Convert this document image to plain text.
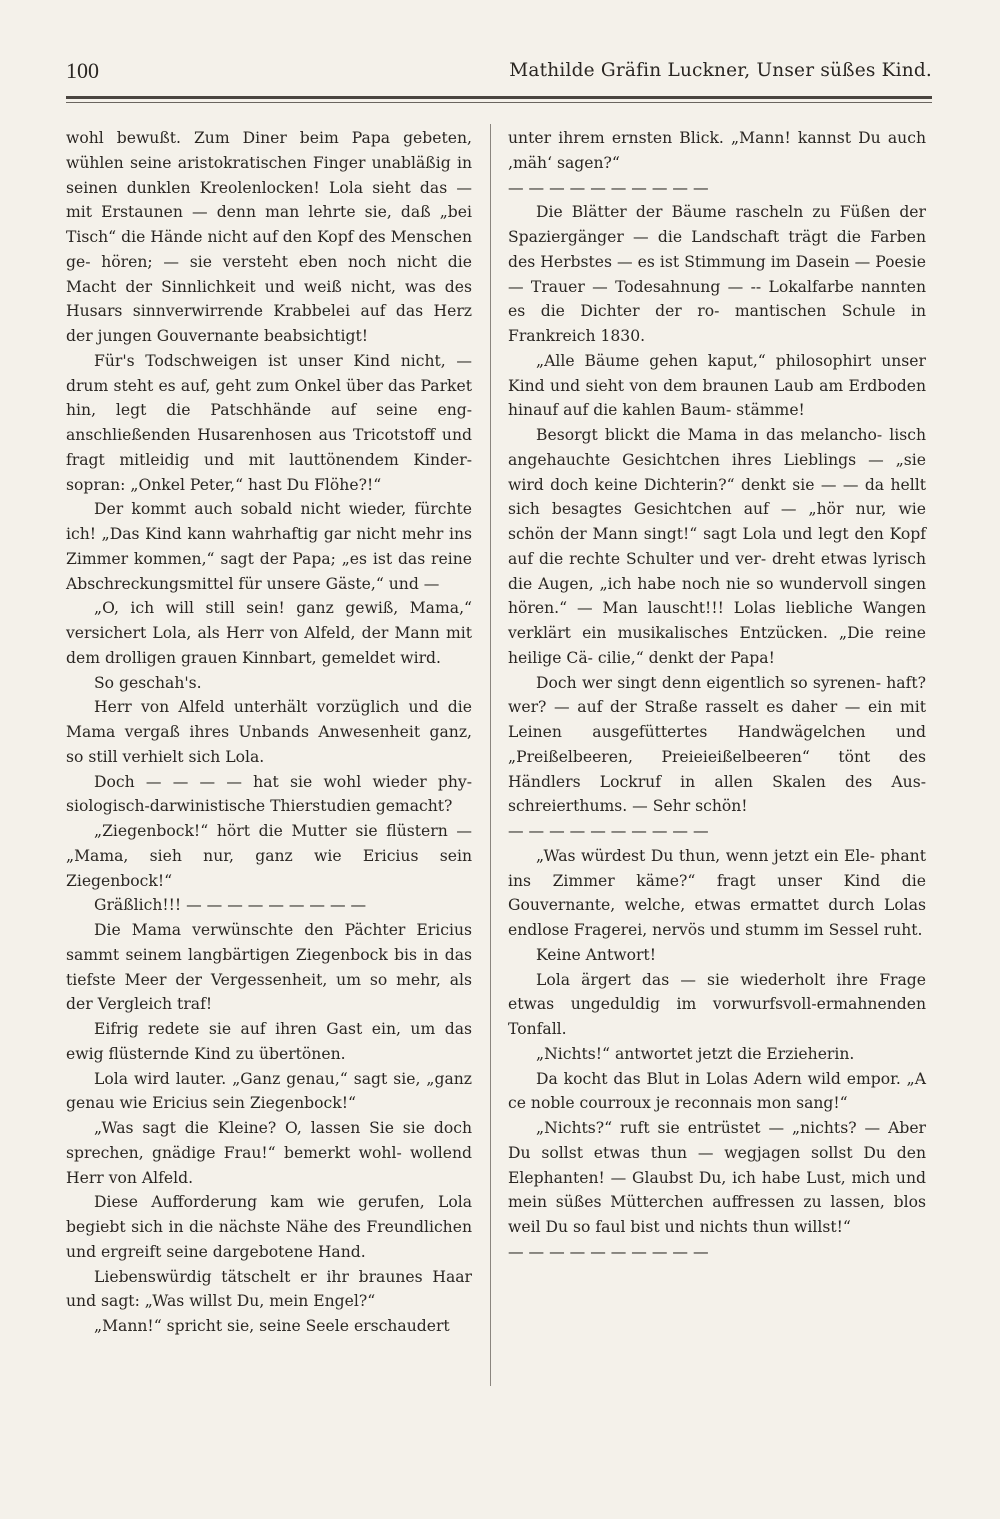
100	Mathilde Gräfin Luckner, Unser süßes Kind.

wohl bewußt. Zum Diner beim Papa gebeten, wühlen seine aristokratischen Finger unabläßig in seinen dunklen Kreolenlocken! Lola sieht das — mit Erstaunen — denn man lehrte sie, daß „bei Tisch“ die Hände nicht auf den Kopf des Menschen ge- hören; — sie versteht eben noch nicht die Macht der Sinnlichkeit und weiß nicht, was des Husars sinnverwirrende Krabbelei auf das Herz der jungen Gouvernante beabsichtigt!

Für's Todschweigen ist unser Kind nicht, — drum steht es auf, geht zum Onkel über das Parket hin, legt die Patschhände auf seine eng- anschließenden Husarenhosen aus Tricotstoff und fragt mitleidig und mit lauttönendem Kinder- sopran: „Onkel Peter,“ hast Du Flöhe?!“

Der kommt auch sobald nicht wieder, fürchte ich! „Das Kind kann wahrhaftig gar nicht mehr ins Zimmer kommen,“ sagt der Papa; „es ist das reine Abschreckungsmittel für unsere Gäste,“ und —

„O, ich will still sein! ganz gewiß, Mama,“ versichert Lola, als Herr von Alfeld, der Mann mit dem drolligen grauen Kinnbart, gemeldet wird.

So geschah's.

Herr von Alfeld unterhält vorzüglich und die Mama vergaß ihres Unbands Anwesenheit ganz, so still verhielt sich Lola.

Doch — — — — hat sie wohl wieder phy- siologisch-darwinistische Thierstudien gemacht?

„Ziegenbock!“ hört die Mutter sie flüstern — „Mama, sieh nur, ganz wie Ericius sein Ziegenbock!“

Gräßlich!!! — — — — — — — — —

Die Mama verwünschte den Pächter Ericius sammt seinem langbärtigen Ziegenbock bis in das tiefste Meer der Vergessenheit, um so mehr, als der Vergleich traf!

Eifrig redete sie auf ihren Gast ein, um das ewig flüsternde Kind zu übertönen.

Lola wird lauter. „Ganz genau,“ sagt sie, „ganz genau wie Ericius sein Ziegenbock!“

„Was sagt die Kleine? O, lassen Sie sie doch sprechen, gnädige Frau!“ bemerkt wohl- wollend Herr von Alfeld.

Diese Aufforderung kam wie gerufen, Lola begiebt sich in die nächste Nähe des Freundlichen und ergreift seine dargebotene Hand.

Liebenswürdig tätschelt er ihr braunes Haar und sagt: „Was willst Du, mein Engel?“

„Mann!“ spricht sie, seine Seele erschaudert

unter ihrem ernsten Blick. „Mann! kannst Du auch ‚mäh‘ sagen?“

— — — — — — — — — —

Die Blätter der Bäume rascheln zu Füßen der Spaziergänger — die Landschaft trägt die Farben des Herbstes — es ist Stimmung im Dasein — Poesie — Trauer — Todesahnung — -- Lokalfarbe nannten es die Dichter der ro- mantischen Schule in Frankreich 1830.

„Alle Bäume gehen kaput,“ philosophirt unser Kind und sieht von dem braunen Laub am Erdboden hinauf auf die kahlen Baum- stämme!

Besorgt blickt die Mama in das melancho- lisch angehauchte Gesichtchen ihres Lieblings — „sie wird doch keine Dichterin?“ denkt sie — — da hellt sich besagtes Gesichtchen auf — „hör nur, wie schön der Mann singt!“ sagt Lola und legt den Kopf auf die rechte Schulter und ver- dreht etwas lyrisch die Augen, „ich habe noch nie so wundervoll singen hören.“ — Man lauscht!!! Lolas liebliche Wangen verklärt ein musikalisches Entzücken. „Die reine heilige Cä- cilie,“ denkt der Papa!

Doch wer singt denn eigentlich so syrenen- haft? wer? — auf der Straße rasselt es daher — ein mit Leinen ausgefüttertes Handwägelchen und „Preißelbeeren, Preieieißelbeeren“ tönt des Händlers Lockruf in allen Skalen des Aus- schreierthums. — Sehr schön!

— — — — — — — — — —

„Was würdest Du thun, wenn jetzt ein Ele- phant ins Zimmer käme?“ fragt unser Kind die Gouvernante, welche, etwas ermattet durch Lolas endlose Fragerei, nervös und stumm im Sessel ruht.

Keine Antwort!

Lola ärgert das — sie wiederholt ihre Frage etwas ungeduldig im vorwurfsvoll-ermahnenden Tonfall.

„Nichts!“ antwortet jetzt die Erzieherin.

Da kocht das Blut in Lolas Adern wild empor. „A ce noble courroux je reconnais mon sang!“

„Nichts?“ ruft sie entrüstet — „nichts? — Aber Du sollst etwas thun — wegjagen sollst Du den Elephanten! — Glaubst Du, ich habe Lust, mich und mein süßes Mütterchen auffressen zu lassen, blos weil Du so faul bist und nichts thun willst!“

— — — — — — — — — —
